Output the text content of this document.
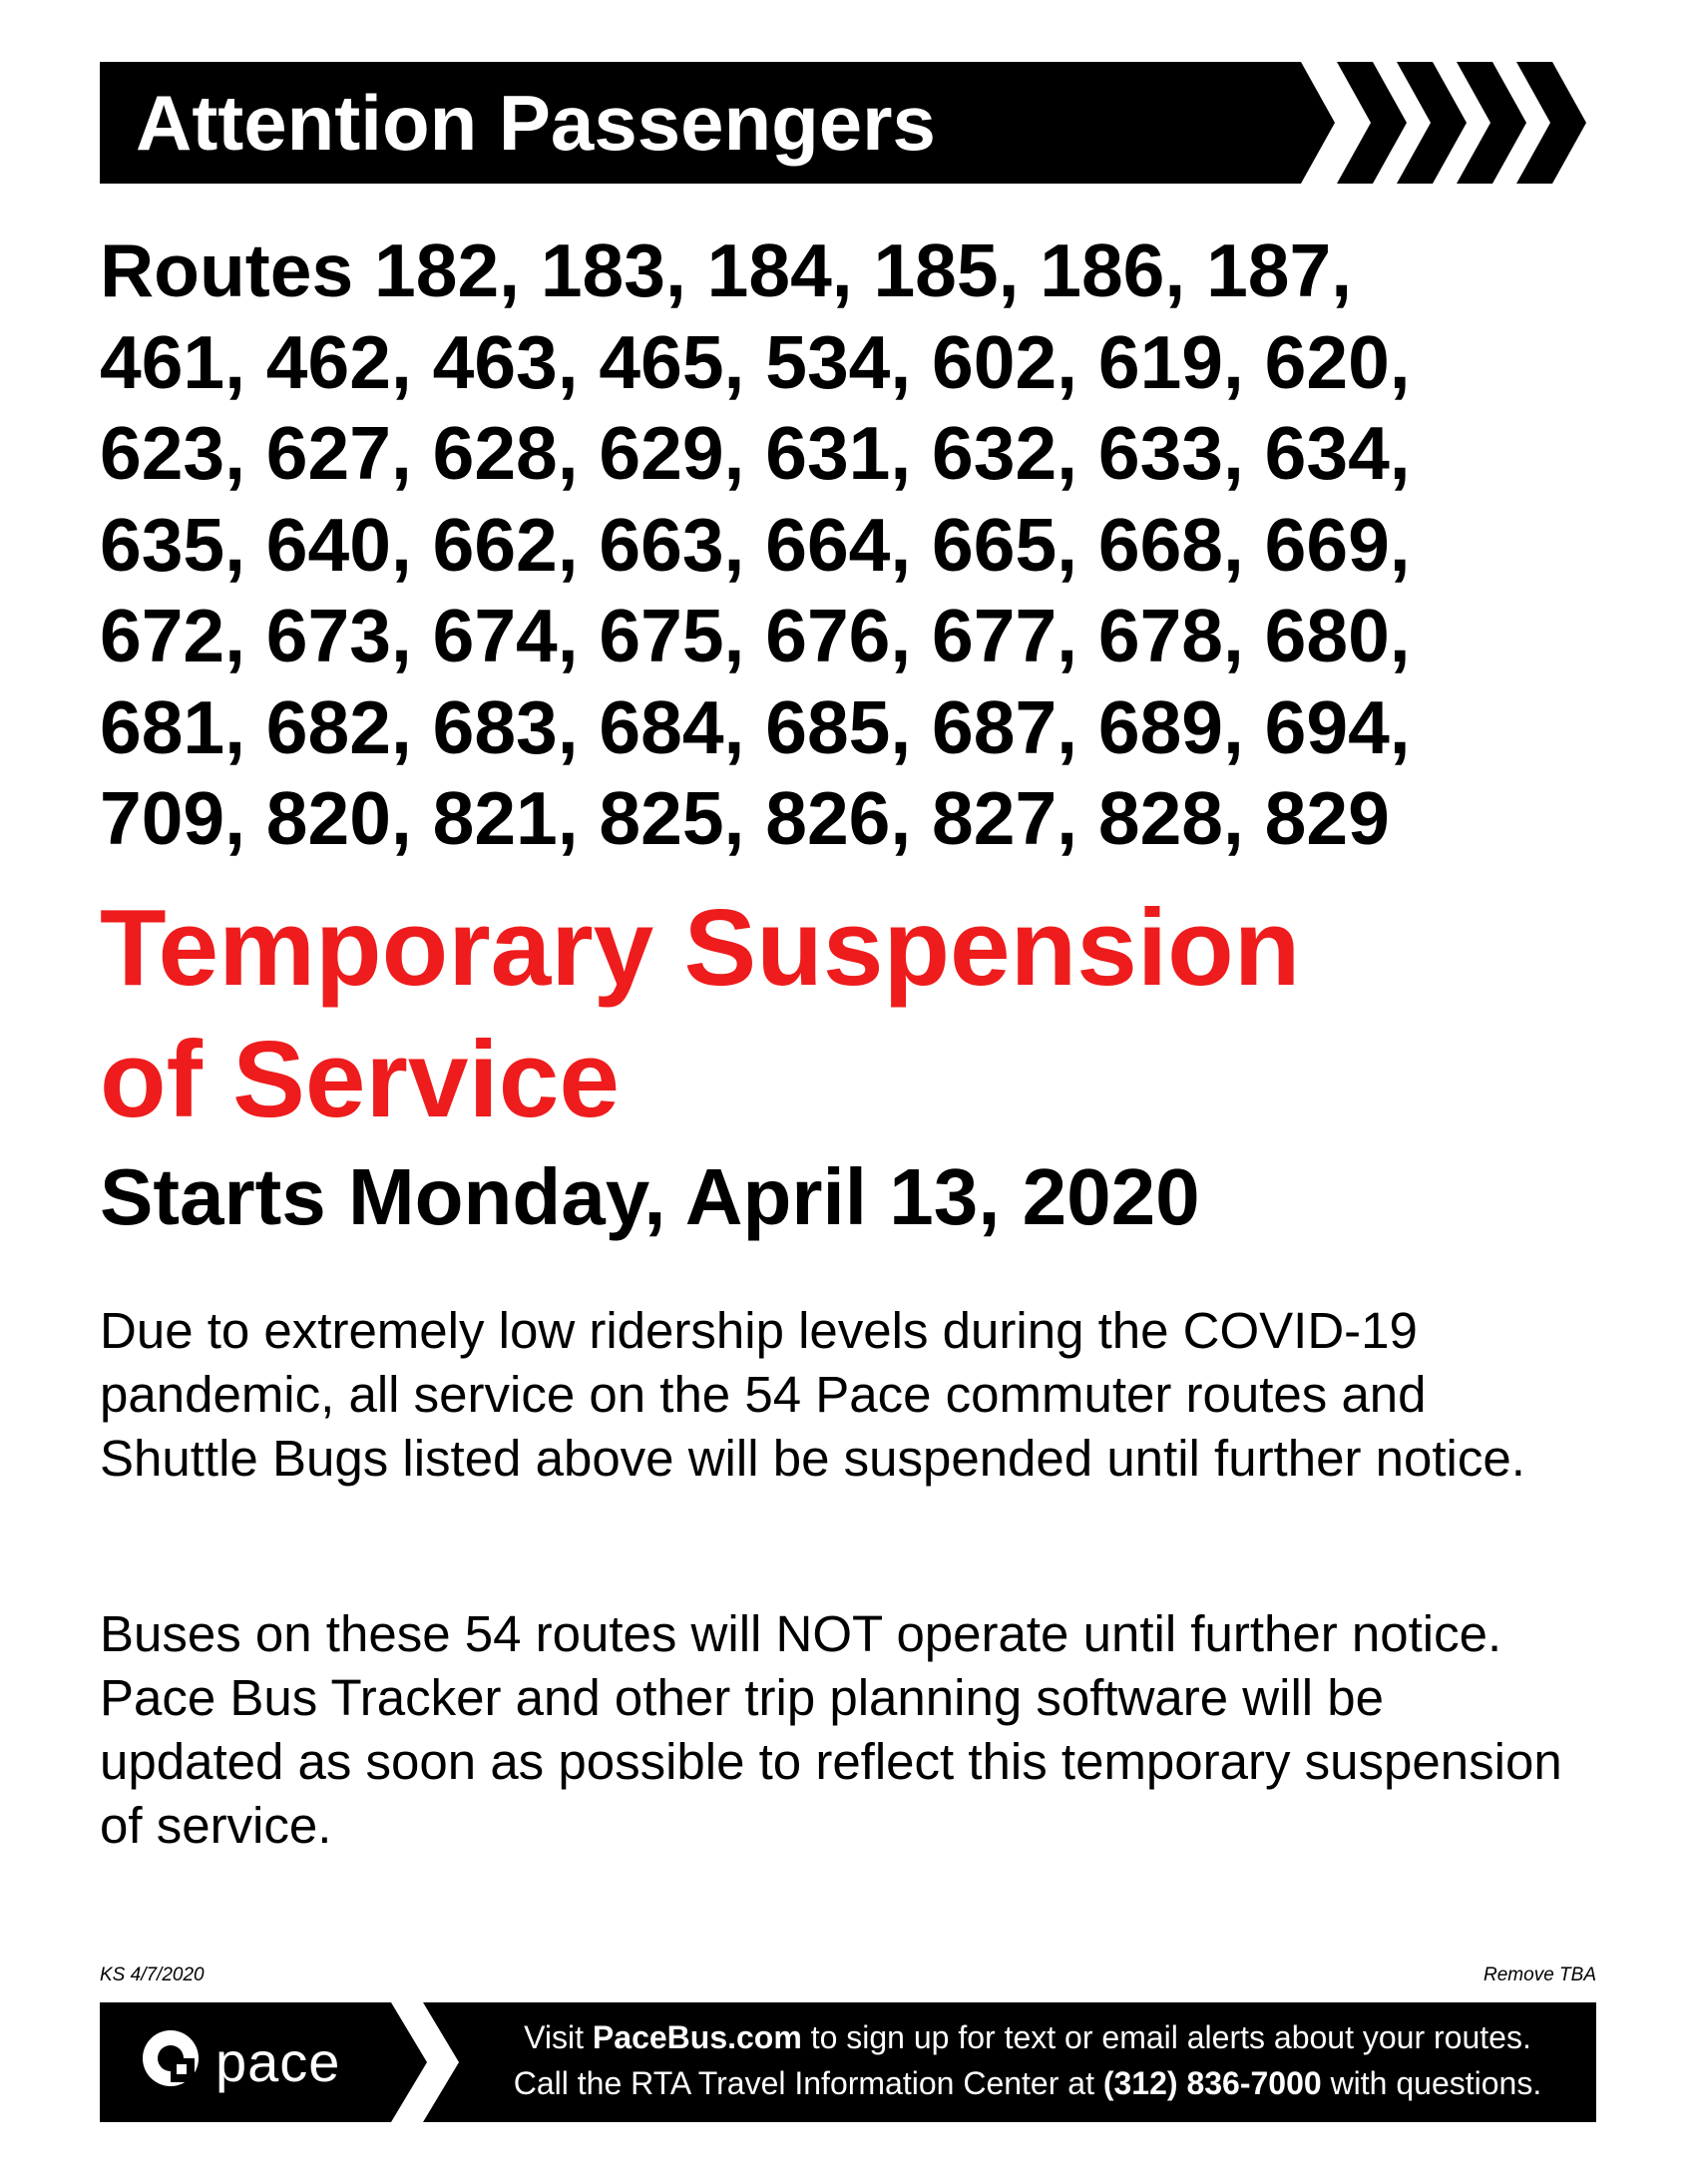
Attention Passengers
Routes 182, 183, 184, 185, 186, 187,
461, 462, 463, 465, 534, 602, 619, 620,
623, 627, 628, 629, 631, 632, 633, 634,
635, 640, 662, 663, 664, 665, 668, 669,
672, 673, 674, 675, 676, 677, 678, 680,
681, 682, 683, 684, 685, 687, 689, 694,
709, 820, 821, 825, 826, 827, 828, 829
Temporary Suspension
of Service
Starts Monday, April 13, 2020
Due to extremely low ridership levels during the COVID-19 pandemic, all service on the 54 Pace commuter routes and Shuttle Bugs listed above will be suspended until further notice.
Buses on these 54 routes will NOT operate until further notice. Pace Bus Tracker and other trip planning software will be updated as soon as possible to reflect this temporary suspension of service.
KS 4/7/2020	Remove TBA
pace	Visit PaceBus.com to sign up for text or email alerts about your routes.
Call the RTA Travel Information Center at (312) 836-7000 with questions.
